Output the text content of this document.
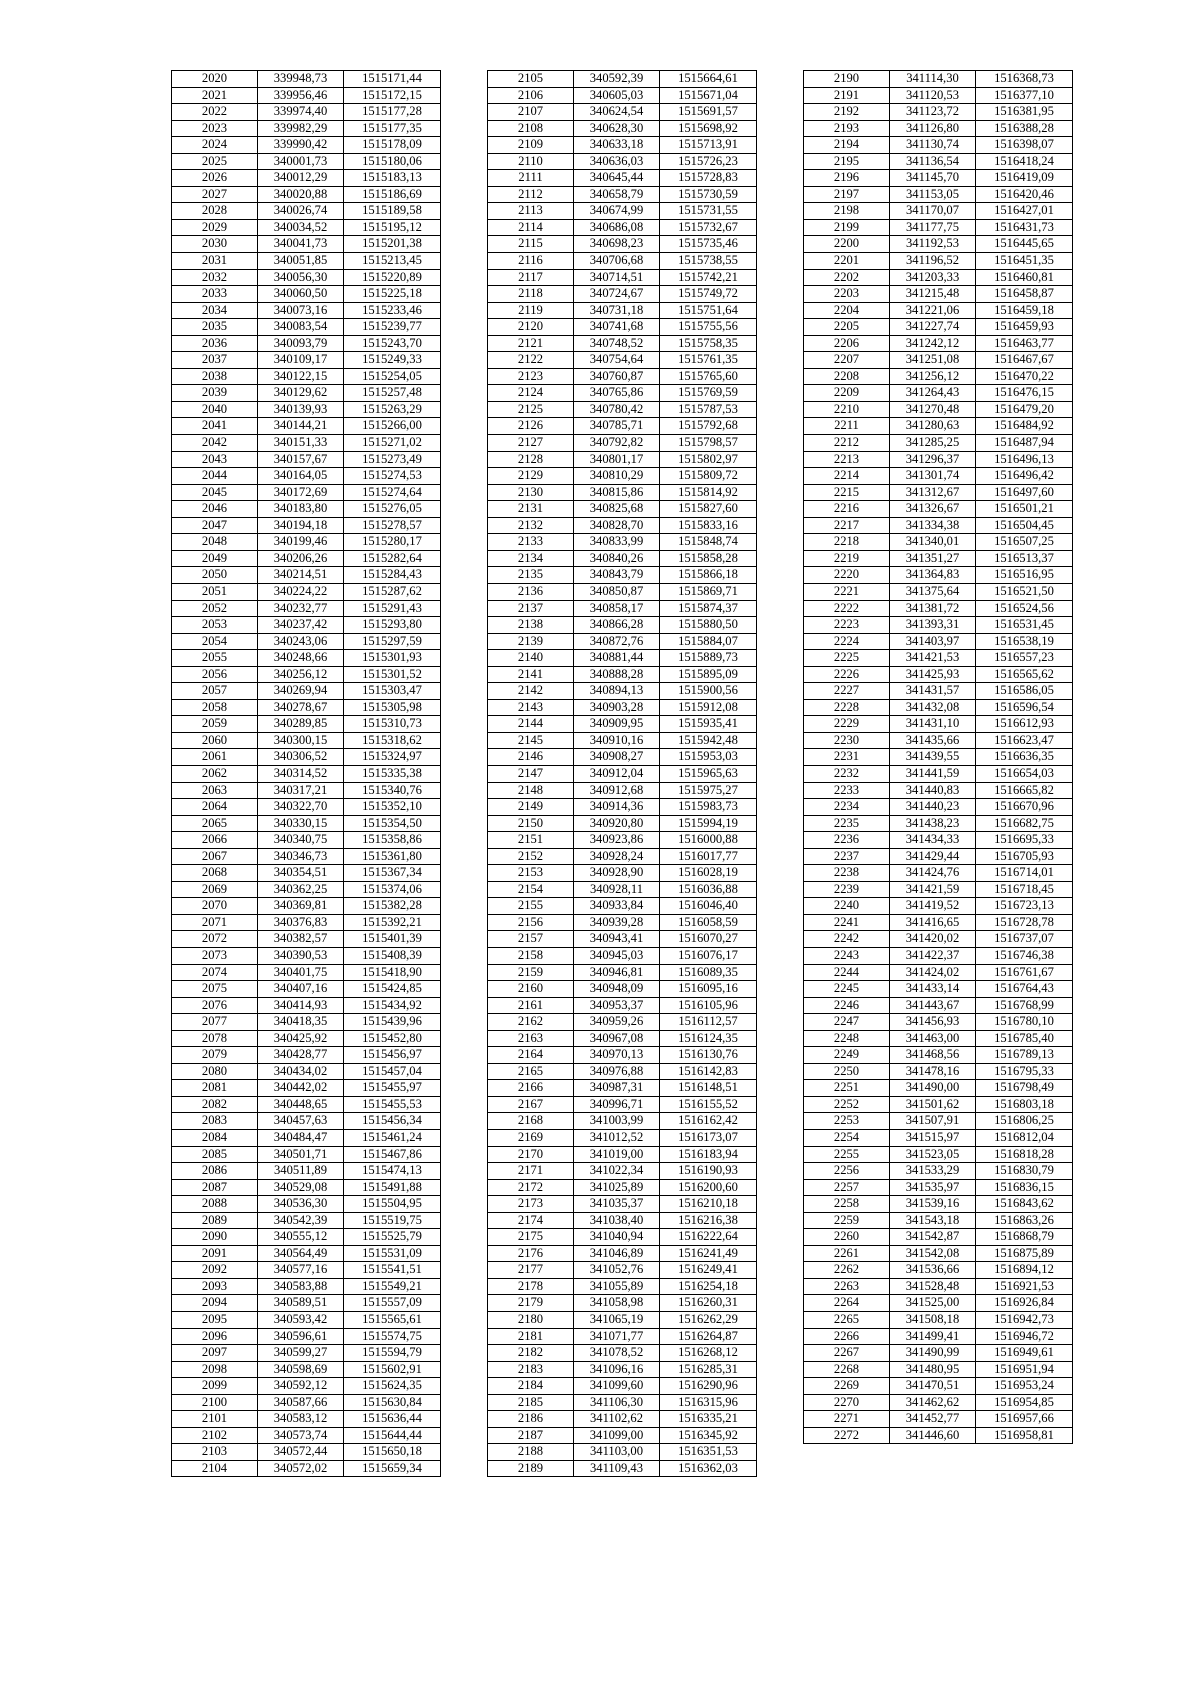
2020	339948,73	1515171,44
2021	339956,46	1515172,15
2022	339974,40	1515177,28
2023	339982,29	1515177,35
2024	339990,42	1515178,09
2025	340001,73	1515180,06
2026	340012,29	1515183,13
2027	340020,88	1515186,69
2028	340026,74	1515189,58
2029	340034,52	1515195,12
2030	340041,73	1515201,38
2031	340051,85	1515213,45
2032	340056,30	1515220,89
2033	340060,50	1515225,18
2034	340073,16	1515233,46
2035	340083,54	1515239,77
2036	340093,79	1515243,70
2037	340109,17	1515249,33
2038	340122,15	1515254,05
2039	340129,62	1515257,48
2040	340139,93	1515263,29
2041	340144,21	1515266,00
2042	340151,33	1515271,02
2043	340157,67	1515273,49
2044	340164,05	1515274,53
2045	340172,69	1515274,64
2046	340183,80	1515276,05
2047	340194,18	1515278,57
2048	340199,46	1515280,17
2049	340206,26	1515282,64
2050	340214,51	1515284,43
2051	340224,22	1515287,62
2052	340232,77	1515291,43
2053	340237,42	1515293,80
2054	340243,06	1515297,59
2055	340248,66	1515301,93
2056	340256,12	1515301,52
2057	340269,94	1515303,47
2058	340278,67	1515305,98
2059	340289,85	1515310,73
2060	340300,15	1515318,62
2061	340306,52	1515324,97
2062	340314,52	1515335,38
2063	340317,21	1515340,76
2064	340322,70	1515352,10
2065	340330,15	1515354,50
2066	340340,75	1515358,86
2067	340346,73	1515361,80
2068	340354,51	1515367,34
2069	340362,25	1515374,06
2070	340369,81	1515382,28
2071	340376,83	1515392,21
2072	340382,57	1515401,39
2073	340390,53	1515408,39
2074	340401,75	1515418,90
2075	340407,16	1515424,85
2076	340414,93	1515434,92
2077	340418,35	1515439,96
2078	340425,92	1515452,80
2079	340428,77	1515456,97
2080	340434,02	1515457,04
2081	340442,02	1515455,97
2082	340448,65	1515455,53
2083	340457,63	1515456,34
2084	340484,47	1515461,24
2085	340501,71	1515467,86
2086	340511,89	1515474,13
2087	340529,08	1515491,88
2088	340536,30	1515504,95
2089	340542,39	1515519,75
2090	340555,12	1515525,79
2091	340564,49	1515531,09
2092	340577,16	1515541,51
2093	340583,88	1515549,21
2094	340589,51	1515557,09
2095	340593,42	1515565,61
2096	340596,61	1515574,75
2097	340599,27	1515594,79
2098	340598,69	1515602,91
2099	340592,12	1515624,35
2100	340587,66	1515630,84
2101	340583,12	1515636,44
2102	340573,74	1515644,44
2103	340572,44	1515650,18
2104	340572,02	1515659,34
2105	340592,39	1515664,61
2106	340605,03	1515671,04
2107	340624,54	1515691,57
2108	340628,30	1515698,92
2109	340633,18	1515713,91
2110	340636,03	1515726,23
2111	340645,44	1515728,83
2112	340658,79	1515730,59
2113	340674,99	1515731,55
2114	340686,08	1515732,67
2115	340698,23	1515735,46
2116	340706,68	1515738,55
2117	340714,51	1515742,21
2118	340724,67	1515749,72
2119	340731,18	1515751,64
2120	340741,68	1515755,56
2121	340748,52	1515758,35
2122	340754,64	1515761,35
2123	340760,87	1515765,60
2124	340765,86	1515769,59
2125	340780,42	1515787,53
2126	340785,71	1515792,68
2127	340792,82	1515798,57
2128	340801,17	1515802,97
2129	340810,29	1515809,72
2130	340815,86	1515814,92
2131	340825,68	1515827,60
2132	340828,70	1515833,16
2133	340833,99	1515848,74
2134	340840,26	1515858,28
2135	340843,79	1515866,18
2136	340850,87	1515869,71
2137	340858,17	1515874,37
2138	340866,28	1515880,50
2139	340872,76	1515884,07
2140	340881,44	1515889,73
2141	340888,28	1515895,09
2142	340894,13	1515900,56
2143	340903,28	1515912,08
2144	340909,95	1515935,41
2145	340910,16	1515942,48
2146	340908,27	1515953,03
2147	340912,04	1515965,63
2148	340912,68	1515975,27
2149	340914,36	1515983,73
2150	340920,80	1515994,19
2151	340923,86	1516000,88
2152	340928,24	1516017,77
2153	340928,90	1516028,19
2154	340928,11	1516036,88
2155	340933,84	1516046,40
2156	340939,28	1516058,59
2157	340943,41	1516070,27
2158	340945,03	1516076,17
2159	340946,81	1516089,35
2160	340948,09	1516095,16
2161	340953,37	1516105,96
2162	340959,26	1516112,57
2163	340967,08	1516124,35
2164	340970,13	1516130,76
2165	340976,88	1516142,83
2166	340987,31	1516148,51
2167	340996,71	1516155,52
2168	341003,99	1516162,42
2169	341012,52	1516173,07
2170	341019,00	1516183,94
2171	341022,34	1516190,93
2172	341025,89	1516200,60
2173	341035,37	1516210,18
2174	341038,40	1516216,38
2175	341040,94	1516222,64
2176	341046,89	1516241,49
2177	341052,76	1516249,41
2178	341055,89	1516254,18
2179	341058,98	1516260,31
2180	341065,19	1516262,29
2181	341071,77	1516264,87
2182	341078,52	1516268,12
2183	341096,16	1516285,31
2184	341099,60	1516290,96
2185	341106,30	1516315,96
2186	341102,62	1516335,21
2187	341099,00	1516345,92
2188	341103,00	1516351,53
2189	341109,43	1516362,03
2190	341114,30	1516368,73
2191	341120,53	1516377,10
2192	341123,72	1516381,95
2193	341126,80	1516388,28
2194	341130,74	1516398,07
2195	341136,54	1516418,24
2196	341145,70	1516419,09
2197	341153,05	1516420,46
2198	341170,07	1516427,01
2199	341177,75	1516431,73
2200	341192,53	1516445,65
2201	341196,52	1516451,35
2202	341203,33	1516460,81
2203	341215,48	1516458,87
2204	341221,06	1516459,18
2205	341227,74	1516459,93
2206	341242,12	1516463,77
2207	341251,08	1516467,67
2208	341256,12	1516470,22
2209	341264,43	1516476,15
2210	341270,48	1516479,20
2211	341280,63	1516484,92
2212	341285,25	1516487,94
2213	341296,37	1516496,13
2214	341301,74	1516496,42
2215	341312,67	1516497,60
2216	341326,67	1516501,21
2217	341334,38	1516504,45
2218	341340,01	1516507,25
2219	341351,27	1516513,37
2220	341364,83	1516516,95
2221	341375,64	1516521,50
2222	341381,72	1516524,56
2223	341393,31	1516531,45
2224	341403,97	1516538,19
2225	341421,53	1516557,23
2226	341425,93	1516565,62
2227	341431,57	1516586,05
2228	341432,08	1516596,54
2229	341431,10	1516612,93
2230	341435,66	1516623,47
2231	341439,55	1516636,35
2232	341441,59	1516654,03
2233	341440,83	1516665,82
2234	341440,23	1516670,96
2235	341438,23	1516682,75
2236	341434,33	1516695,33
2237	341429,44	1516705,93
2238	341424,76	1516714,01
2239	341421,59	1516718,45
2240	341419,52	1516723,13
2241	341416,65	1516728,78
2242	341420,02	1516737,07
2243	341422,37	1516746,38
2244	341424,02	1516761,67
2245	341433,14	1516764,43
2246	341443,67	1516768,99
2247	341456,93	1516780,10
2248	341463,00	1516785,40
2249	341468,56	1516789,13
2250	341478,16	1516795,33
2251	341490,00	1516798,49
2252	341501,62	1516803,18
2253	341507,91	1516806,25
2254	341515,97	1516812,04
2255	341523,05	1516818,28
2256	341533,29	1516830,79
2257	341535,97	1516836,15
2258	341539,16	1516843,62
2259	341543,18	1516863,26
2260	341542,87	1516868,79
2261	341542,08	1516875,89
2262	341536,66	1516894,12
2263	341528,48	1516921,53
2264	341525,00	1516926,84
2265	341508,18	1516942,73
2266	341499,41	1516946,72
2267	341490,99	1516949,61
2268	341480,95	1516951,94
2269	341470,51	1516953,24
2270	341462,62	1516954,85
2271	341452,77	1516957,66
2272	341446,60	1516958,81
